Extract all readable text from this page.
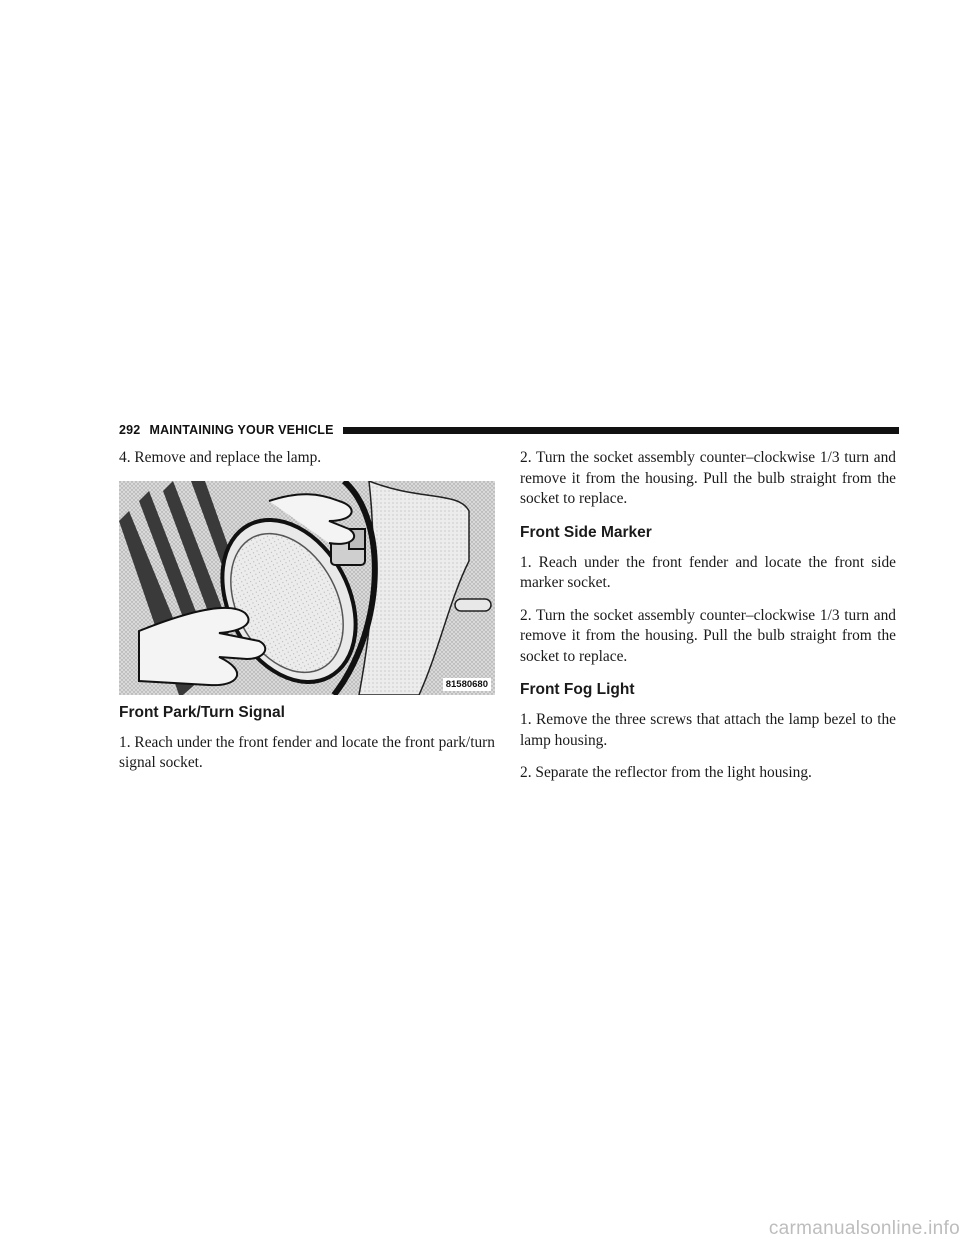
292 MAINTAINING YOUR VEHICLE

4. Remove and replace the lamp.

81580680
Front Park/Turn Signal

1. Reach under the front fender and locate the front park/turn signal socket.

2. Turn the socket assembly counter–clockwise 1/3 turn and remove it from the housing. Pull the bulb straight from the socket to replace.

Front Side Marker

1. Reach under the front fender and locate the front side marker socket.

2. Turn the socket assembly counter–clockwise 1/3 turn and remove it from the housing. Pull the bulb straight from the socket to replace.

Front Fog Light

1. Remove the three screws that attach the lamp bezel to the lamp housing.

2. Separate the reflector from the light housing.

carmanualsonline.info
